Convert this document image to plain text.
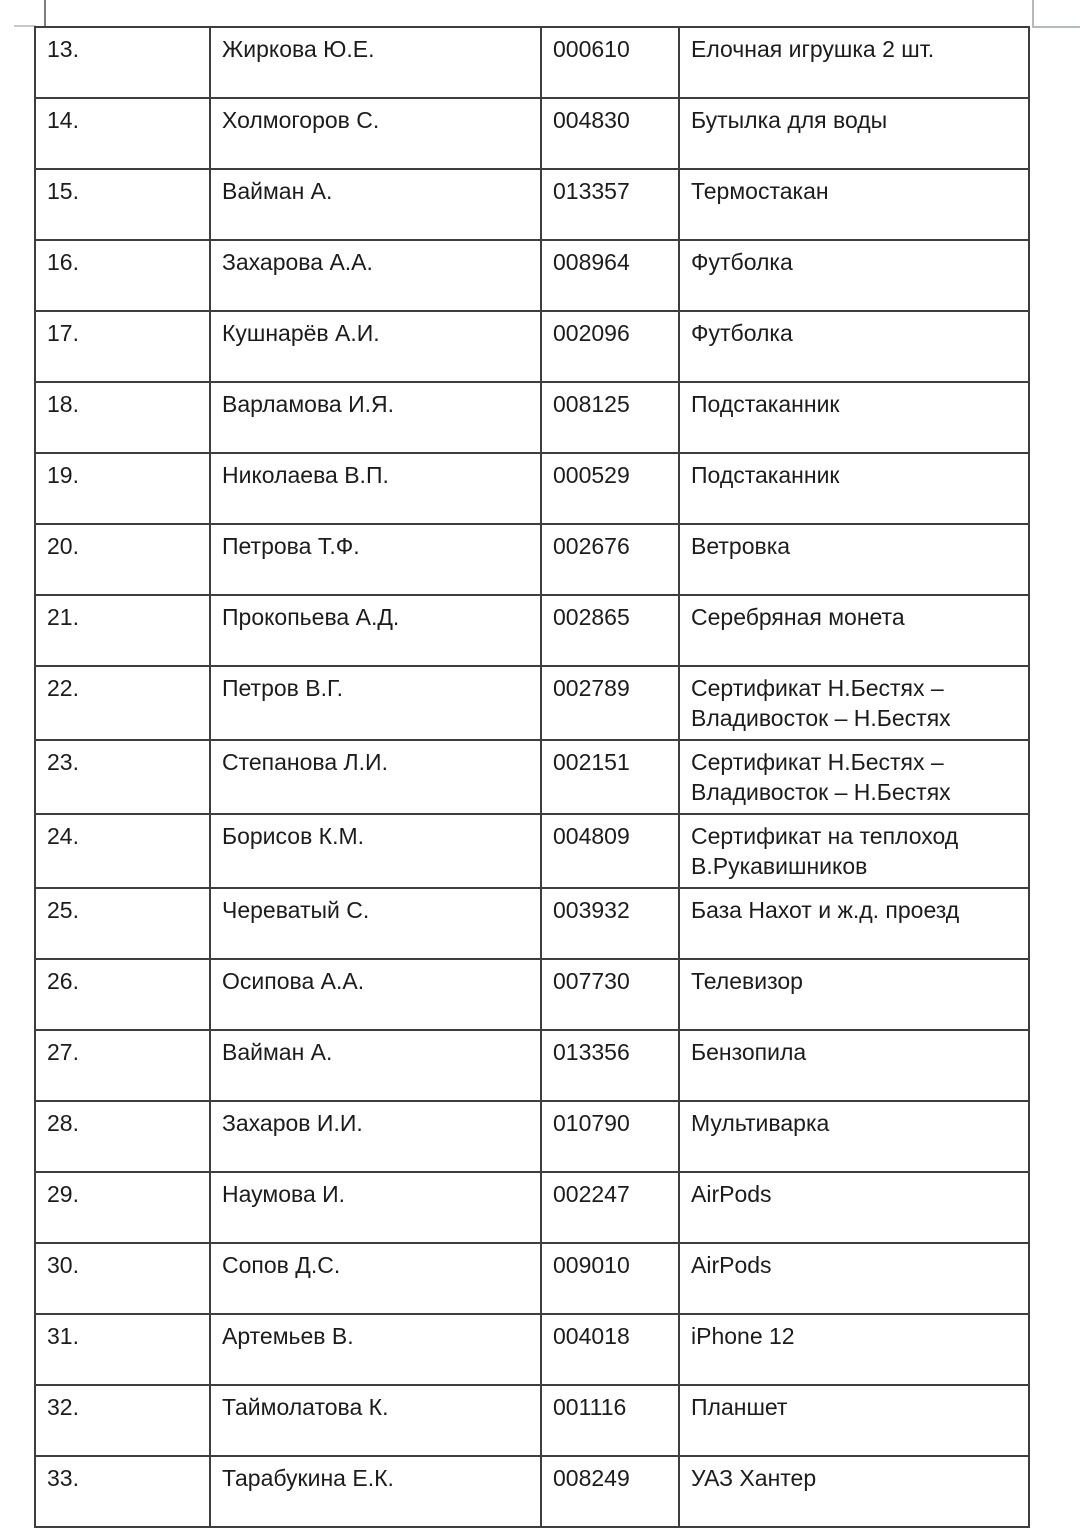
13.	Жиркова Ю.Е.	000610	Елочная игрушка 2 шт.
14.	Холмогоров С.	004830	Бутылка для воды
15.	Вайман А.	013357	Термостакан
16.	Захарова А.А.	008964	Футболка
17.	Кушнарёв А.И.	002096	Футболка
18.	Варламова И.Я.	008125	Подстаканник
19.	Николаева В.П.	000529	Подстаканник
20.	Петрова Т.Ф.	002676	Ветровка
21.	Прокопьева А.Д.	002865	Серебряная монета
22.	Петров В.Г.	002789	Сертификат Н.Бестях – Владивосток – Н.Бестях
23.	Степанова Л.И.	002151	Сертификат Н.Бестях – Владивосток – Н.Бестях
24.	Борисов К.М.	004809	Сертификат на теплоход В.Рукавишников
25.	Череватый С.	003932	База Нахот и ж.д. проезд
26.	Осипова А.А.	007730	Телевизор
27.	Вайман А.	013356	Бензопила
28.	Захаров И.И.	010790	Мультиварка
29.	Наумова И.	002247	AirPods
30.	Сопов Д.С.	009010	AirPods
31.	Артемьев В.	004018	iPhone 12
32.	Таймолатова К.	001116	Планшет
33.	Тарабукина Е.К.	008249	УАЗ Хантер
